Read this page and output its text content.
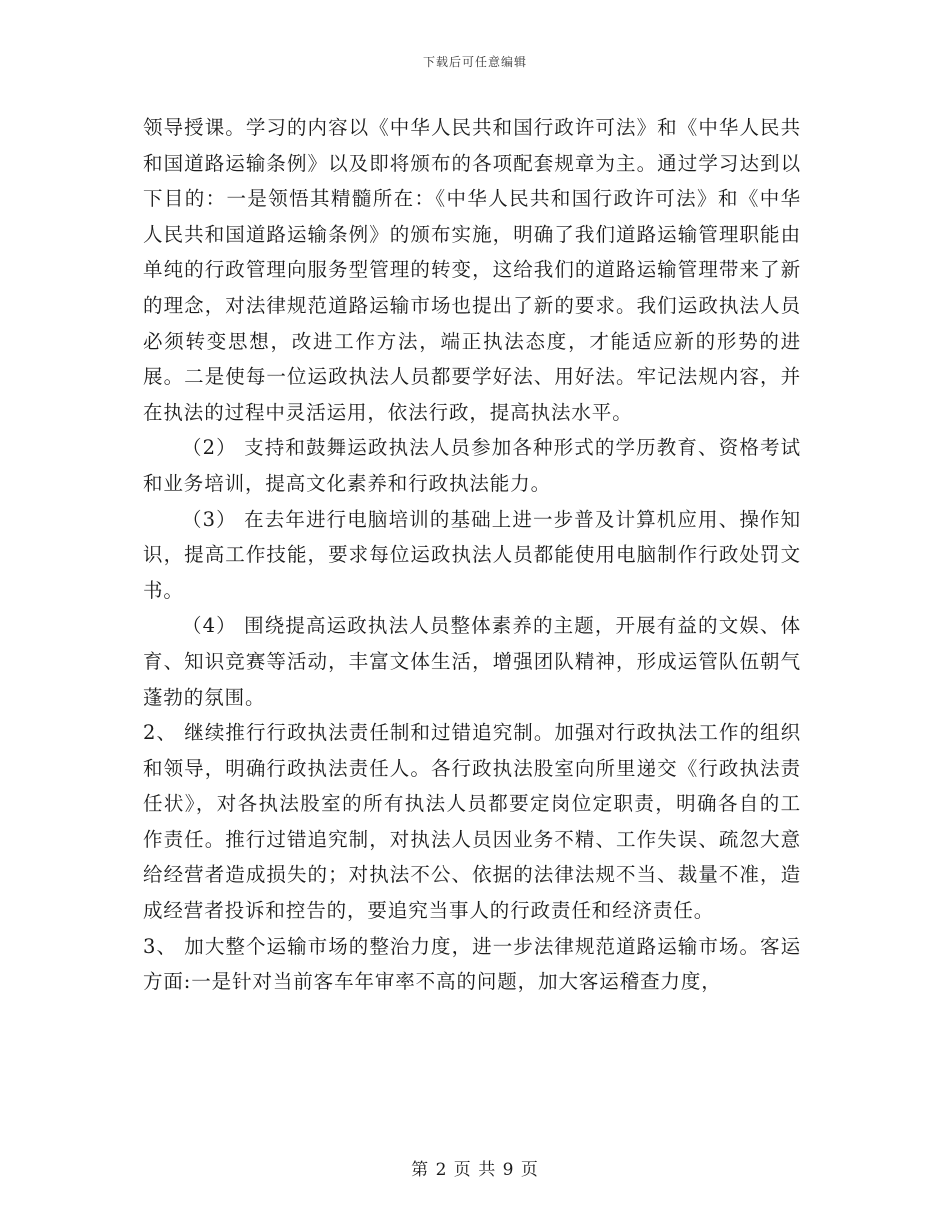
下载后可任意编辑

领导授课。学习的内容以《中华人民共和国行政许可法》和《中华人民共和国道路运输条例》以及即将颁布的各项配套规章为主。通过学习达到以下目的：一是领悟其精髓所在：《中华人民共和国行政许可法》和《中华人民共和国道路运输条例》的颁布实施，明确了我们道路运输管理职能由单纯的行政管理向服务型管理的转变，这给我们的道路运输管理带来了新的理念，对法律规范道路运输市场也提出了新的要求。我们运政执法人员必须转变思想，改进工作方法，端正执法态度，才能适应新的形势的进展。二是使每一位运政执法人员都要学好法、用好法。牢记法规内容，并在执法的过程中灵活运用，依法行政，提高执法水平。

（2） 支持和鼓舞运政执法人员参加各种形式的学历教育、资格考试和业务培训，提高文化素养和行政执法能力。

（3） 在去年进行电脑培训的基础上进一步普及计算机应用、操作知识，提高工作技能，要求每位运政执法人员都能使用电脑制作行政处罚文书。

（4） 围绕提高运政执法人员整体素养的主题，开展有益的文娱、体育、知识竞赛等活动，丰富文体生活，增强团队精神，形成运管队伍朝气蓬勃的氛围。

2、 继续推行行政执法责任制和过错追究制。加强对行政执法工作的组织和领导，明确行政执法责任人。各行政执法股室向所里递交《行政执法责任状》，对各执法股室的所有执法人员都要定岗位定职责，明确各自的工作责任。推行过错追究制，对执法人员因业务不精、工作失误、疏忽大意给经营者造成损失的；对执法不公、依据的法律法规不当、裁量不准，造成经营者投诉和控告的，要追究当事人的行政责任和经济责任。

3、 加大整个运输市场的整治力度，进一步法律规范道路运输市场。客运方面:一是针对当前客车年审率不高的问题，加大客运稽查力度，

第 2 页 共 9 页
